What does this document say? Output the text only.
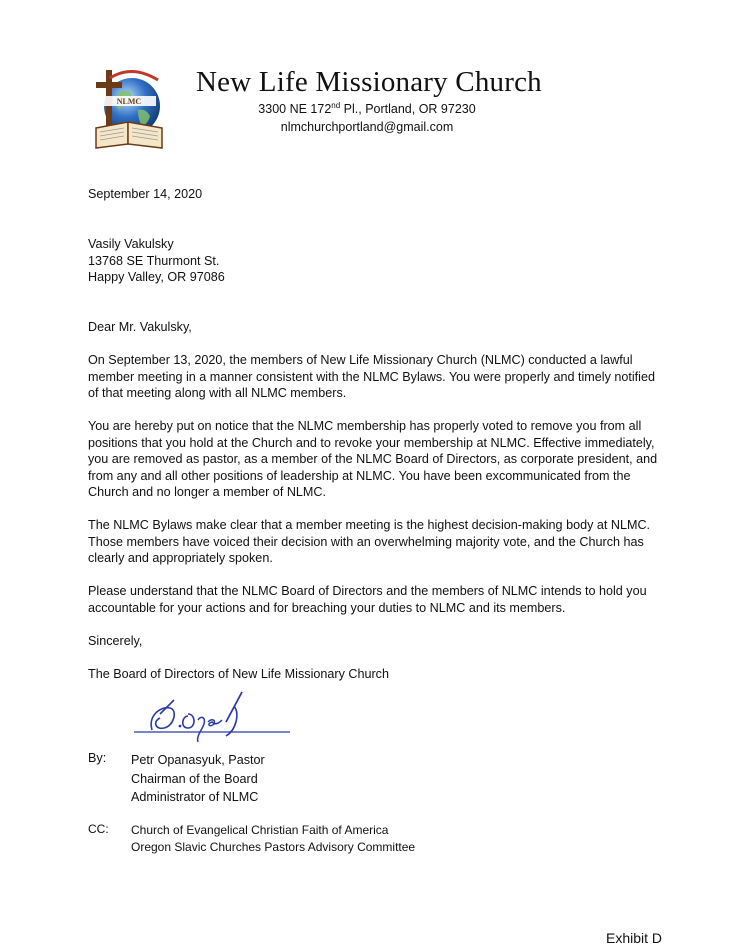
NLMC
New Life Missionary Church
3300 NE 172nd Pl., Portland, OR 97230
nlmchurchportland@gmail.com
September 14, 2020
Vasily Vakulsky
13768 SE Thurmont St.
Happy Valley, OR 97086
Dear Mr. Vakulsky,
On September 13, 2020, the members of New Life Missionary Church (NLMC) conducted a lawful
member meeting in a manner consistent with the NLMC Bylaws. You were properly and timely notified
of that meeting along with all NLMC members.
You are hereby put on notice that the NLMC membership has properly voted to remove you from all
positions that you hold at the Church and to revoke your membership at NLMC. Effective immediately,
you are removed as pastor, as a member of the NLMC Board of Directors, as corporate president, and
from any and all other positions of leadership at NLMC. You have been excommunicated from the
Church and no longer a member of NLMC.
The NLMC Bylaws make clear that a member meeting is the highest decision-making body at NLMC.
Those members have voiced their decision with an overwhelming majority vote, and the Church has
clearly and appropriately spoken.
Please understand that the NLMC Board of Directors and the members of NLMC intends to hold you
accountable for your actions and for breaching your duties to NLMC and its members.
Sincerely,
The Board of Directors of New Life Missionary Church
By: Petr Opanasyuk, Pastor
Chairman of the Board
Administrator of NLMC
CC: Church of Evangelical Christian Faith of America
Oregon Slavic Churches Pastors Advisory Committee
Exhibit D
